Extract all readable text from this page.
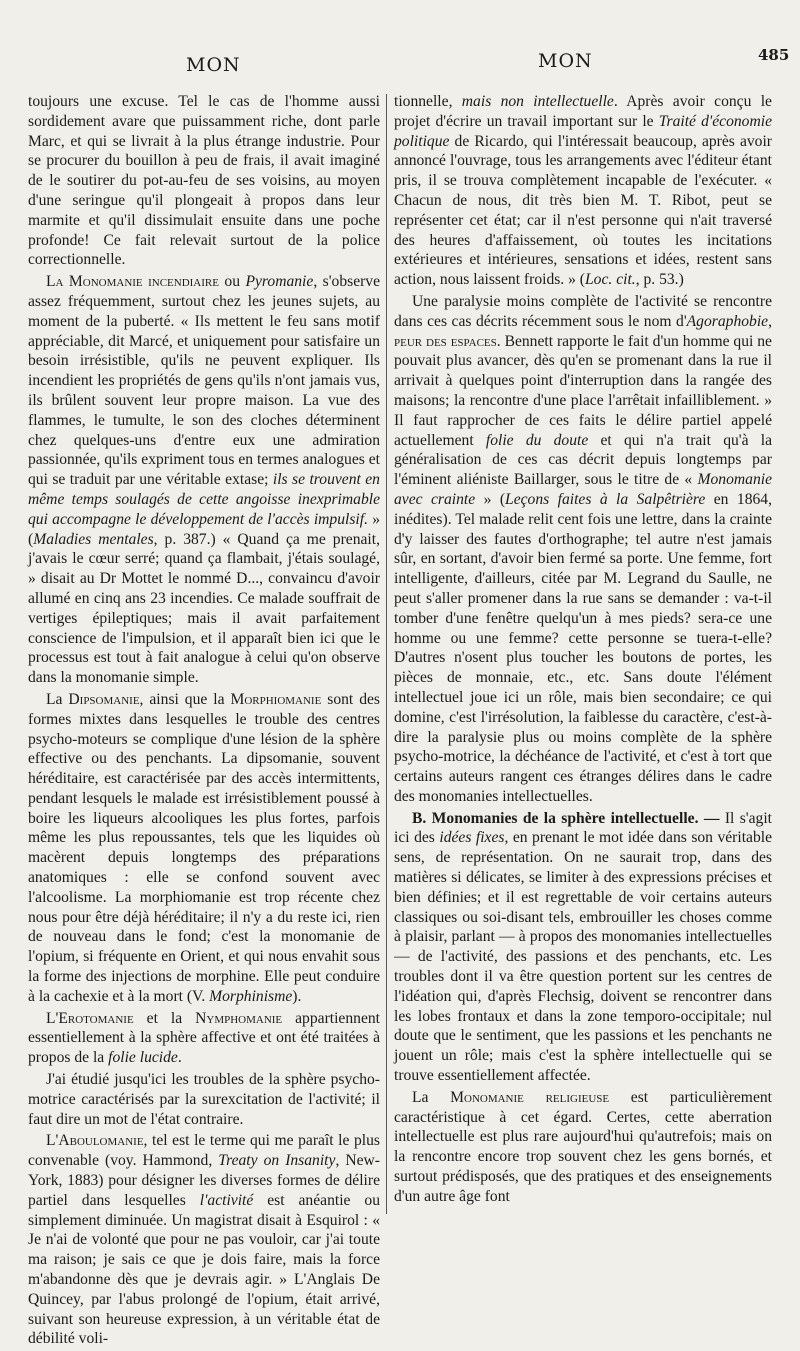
MON	MON	485

toujours une excuse. Tel le cas de l'homme aussi sordidement avare que puissamment riche, dont parle Marc, et qui se livrait à la plus étrange industrie. Pour se procurer du bouillon à peu de frais, il avait imaginé de le soutirer du pot-au-feu de ses voisins, au moyen d'une seringue qu'il plongeait à propos dans leur marmite et qu'il dissimulait ensuite dans une poche profonde! Ce fait relevait surtout de la police correctionnelle.

La Monomanie incendiaire ou Pyromanie, s'observe assez fréquemment, surtout chez les jeunes sujets, au moment de la puberté. « Ils mettent le feu sans motif appréciable, dit Marcé, et uniquement pour satisfaire un besoin irrésistible, qu'ils ne peuvent expliquer. Ils incendient les propriétés de gens qu'ils n'ont jamais vus, ils brûlent souvent leur propre maison. La vue des flammes, le tumulte, le son des cloches déterminent chez quelques-uns d'entre eux une admiration passionnée, qu'ils expriment tous en termes analogues et qui se traduit par une véritable extase; ils se trouvent en même temps soulagés de cette angoisse inexprimable qui accompagne le développement de l'accès impulsif. » (Maladies mentales, p. 387.) « Quand ça me prenait, j'avais le cœur serré; quand ça flambait, j'étais soulagé, » disait au Dr Mottet le nommé D..., convaincu d'avoir allumé en cinq ans 23 incendies. Ce malade souffrait de vertiges épileptiques; mais il avait parfaitement conscience de l'impulsion, et il apparaît bien ici que le processus est tout à fait analogue à celui qu'on observe dans la monomanie simple.

La Dipsomanie, ainsi que la Morphiomanie sont des formes mixtes dans lesquelles le trouble des centres psycho-moteurs se complique d'une lésion de la sphère effective ou des penchants. La dipsomanie, souvent héréditaire, est caractérisée par des accès intermittents, pendant lesquels le malade est irrésistiblement poussé à boire les liqueurs alcooliques les plus fortes, parfois même les plus repoussantes, tels que les liquides où macèrent depuis longtemps des préparations anatomiques : elle se confond souvent avec l'alcoolisme. La morphiomanie est trop récente chez nous pour être déjà héréditaire; il n'y a du reste ici, rien de nouveau dans le fond; c'est la monomanie de l'opium, si fréquente en Orient, et qui nous envahit sous la forme des injections de morphine. Elle peut conduire à la cachexie et à la mort (V. Morphinisme).

L'Erotomanie et la Nymphomanie appartiennent essentiellement à la sphère affective et ont été traitées à propos de la folie lucide.

J'ai étudié jusqu'ici les troubles de la sphère psycho-motrice caractérisés par la surexcitation de l'activité; il faut dire un mot de l'état contraire.

L'Aboulomanie, tel est le terme qui me paraît le plus convenable (voy. Hammond, Treaty on Insanity, New-York, 1883) pour désigner les diverses formes de délire partiel dans lesquelles l'activité est anéantie ou simplement diminuée. Un magistrat disait à Esquirol : « Je n'ai de volonté que pour ne pas vouloir, car j'ai toute ma raison; je sais ce que je dois faire, mais la force m'abandonne dès que je devrais agir. » L'Anglais De Quincey, par l'abus prolongé de l'opium, était arrivé, suivant son heureuse expression, à un véritable état de débilité voli-

tionnelle, mais non intellectuelle. Après avoir conçu le projet d'écrire un travail important sur le Traité d'économie politique de Ricardo, qui l'intéressait beaucoup, après avoir annoncé l'ouvrage, tous les arrangements avec l'éditeur étant pris, il se trouva complètement incapable de l'exécuter. « Chacun de nous, dit très bien M. T. Ribot, peut se représenter cet état; car il n'est personne qui n'ait traversé des heures d'affaissement, où toutes les incitations extérieures et intérieures, sensations et idées, restent sans action, nous laissent froids. » (Loc. cit., p. 53.)

Une paralysie moins complète de l'activité se rencontre dans ces cas décrits récemment sous le nom d'Agoraphobie, peur des espaces. Bennett rapporte le fait d'un homme qui ne pouvait plus avancer, dès qu'en se promenant dans la rue il arrivait à quelques point d'interruption dans la rangée des maisons; la rencontre d'une place l'arrêtait infailliblement. » Il faut rapprocher de ces faits le délire partiel appelé actuellement folie du doute et qui n'a trait qu'à la généralisation de ces cas décrit depuis longtemps par l'éminent aliéniste Baillarger, sous le titre de « Monomanie avec crainte » (Leçons faites à la Salpêtrière en 1864, inédites). Tel malade relit cent fois une lettre, dans la crainte d'y laisser des fautes d'orthographe; tel autre n'est jamais sûr, en sortant, d'avoir bien fermé sa porte. Une femme, fort intelligente, d'ailleurs, citée par M. Legrand du Saulle, ne peut s'aller promener dans la rue sans se demander : va-t-il tomber d'une fenêtre quelqu'un à mes pieds? sera-ce une homme ou une femme? cette personne se tuera-t-elle? D'autres n'osent plus toucher les boutons de portes, les pièces de monnaie, etc., etc. Sans doute l'élément intellectuel joue ici un rôle, mais bien secondaire; ce qui domine, c'est l'irrésolution, la faiblesse du caractère, c'est-à-dire la paralysie plus ou moins complète de la sphère psycho-motrice, la déchéance de l'activité, et c'est à tort que certains auteurs rangent ces étranges délires dans le cadre des monomanies intellectuelles.

B. Monomanies de la sphère intellectuelle. — Il s'agit ici des idées fixes, en prenant le mot idée dans son véritable sens, de représentation. On ne saurait trop, dans des matières si délicates, se limiter à des expressions précises et bien définies; et il est regrettable de voir certains auteurs classiques ou soi-disant tels, embrouiller les choses comme à plaisir, parlant — à propos des monomanies intellectuelles — de l'activité, des passions et des penchants, etc. Les troubles dont il va être question portent sur les centres de l'idéation qui, d'après Flechsig, doivent se rencontrer dans les lobes frontaux et dans la zone temporo-occipitale; nul doute que le sentiment, que les passions et les penchants ne jouent un rôle; mais c'est la sphère intellectuelle qui se trouve essentiellement affectée.

La Monomanie religieuse est particulièrement caractéristique à cet égard. Certes, cette aberration intellectuelle est plus rare aujourd'hui qu'autrefois; mais on la rencontre encore trop souvent chez les gens bornés, et surtout prédisposés, que des pratiques et des enseignements d'un autre âge font
